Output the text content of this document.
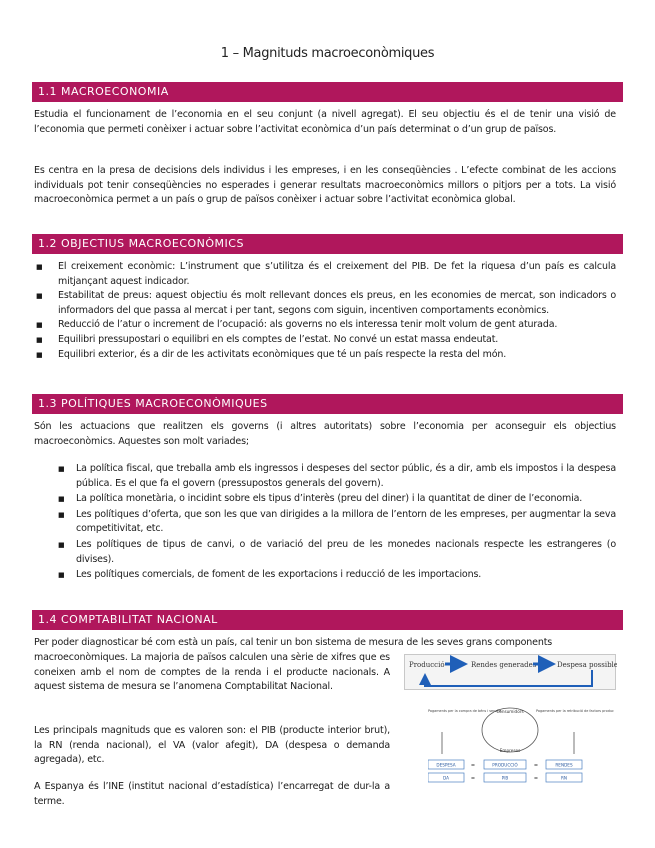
1 – Magnituds macroeconòmiques
1.1 MACROECONOMIA

Estudia el funcionament de l’economia en el seu conjunt (a nivell agregat). El seu objectiu és el de tenir una visió de l’economia que permeti conèixer i actuar sobre l’activitat econòmica d’un país determinat o d’un grup de països.

Es centra en la presa de decisions dels individus i les empreses, i en les conseqüències . L’efecte combinat de les accions individuals pot tenir conseqüències no esperades i generar resultats macroeconòmics millors o pitjors per a tots. La visió macroeconòmica permet a un país o grup de països conèixer i actuar sobre l’activitat econòmica global.

1.2 OBJECTIUS MACROECONÒMICS
■ El creixement econòmic: L’instrument que s’utilitza és el creixement del PIB. De fet la riquesa d’un país es calcula mitjançant aquest indicador.
■ Estabilitat de preus: aquest objectiu és molt rellevant donces els preus, en les economies de mercat, son indicadors o informadors del que passa al mercat i per tant, segons com siguin, incentiven comportaments econòmics.
■ Reducció de l’atur o increment de l’ocupació: als governs no els interessa tenir molt volum de gent aturada.
■ Equilibri pressupostari o equilibri en els comptes de l’estat. No convé un estat massa endeutat.
■ Equilibri exterior, és a dir de les activitats econòmiques que té un país respecte la resta del món.
1.3 POLÍTIQUES MACROECONÒMIQUES

Són les actuacions que realitzen els governs (i altres autoritats) sobre l’economia per aconseguir els objectius macroeconòmics. Aquestes son molt variades;

■ La política fiscal, que treballa amb els ingressos i despeses del sector públic, és a dir, amb els impostos i la despesa pública. Es el que fa el govern (pressupostos generals del govern).
■ La política monetària, o incidint sobre els tipus d’interès (preu del diner) i la quantitat de diner de l’economia.
■ Les polítiques d’oferta, que son les que van dirigides a la millora de l’entorn de les empreses, per augmentar la seva competitivitat, etc.
■ Les polítiques de tipus de canvi, o de variació del preu de les monedes nacionals respecte les estrangeres (o divises).
■ Les polítiques comercials, de foment de les exportacions i reducció de les importacions.
1.4 COMPTABILITAT NACIONAL

Per poder diagnosticar bé com està un país, cal tenir un bon sistema de mesura de les seves grans components

macroeconòmiques. La majoria de països calculen una sèrie de xifres que es coneixen amb el nom de comptes de la renda i el producte nacionals. A aquest sistema de mesura se l’anomena Comptabilitat Nacional.

Les principals magnituds que es valoren son: el PIB (producte interior brut), la RN (renda nacional), el VA (valor afegit), DA (despesa o demanda agregada), etc.

A Espanya és l’INE (institut nacional d’estadística) l’encarregat de dur-la a terme.

Producció	Rendes generades	Despesa possible
Consumidors
Empreses
Pagaments per la compra de béns i serveis	Pagaments per la retribució de factors productius
DESPESA	=	PRODUCCIÓ	=	RENDES
DA	=	PIB	=	RN
